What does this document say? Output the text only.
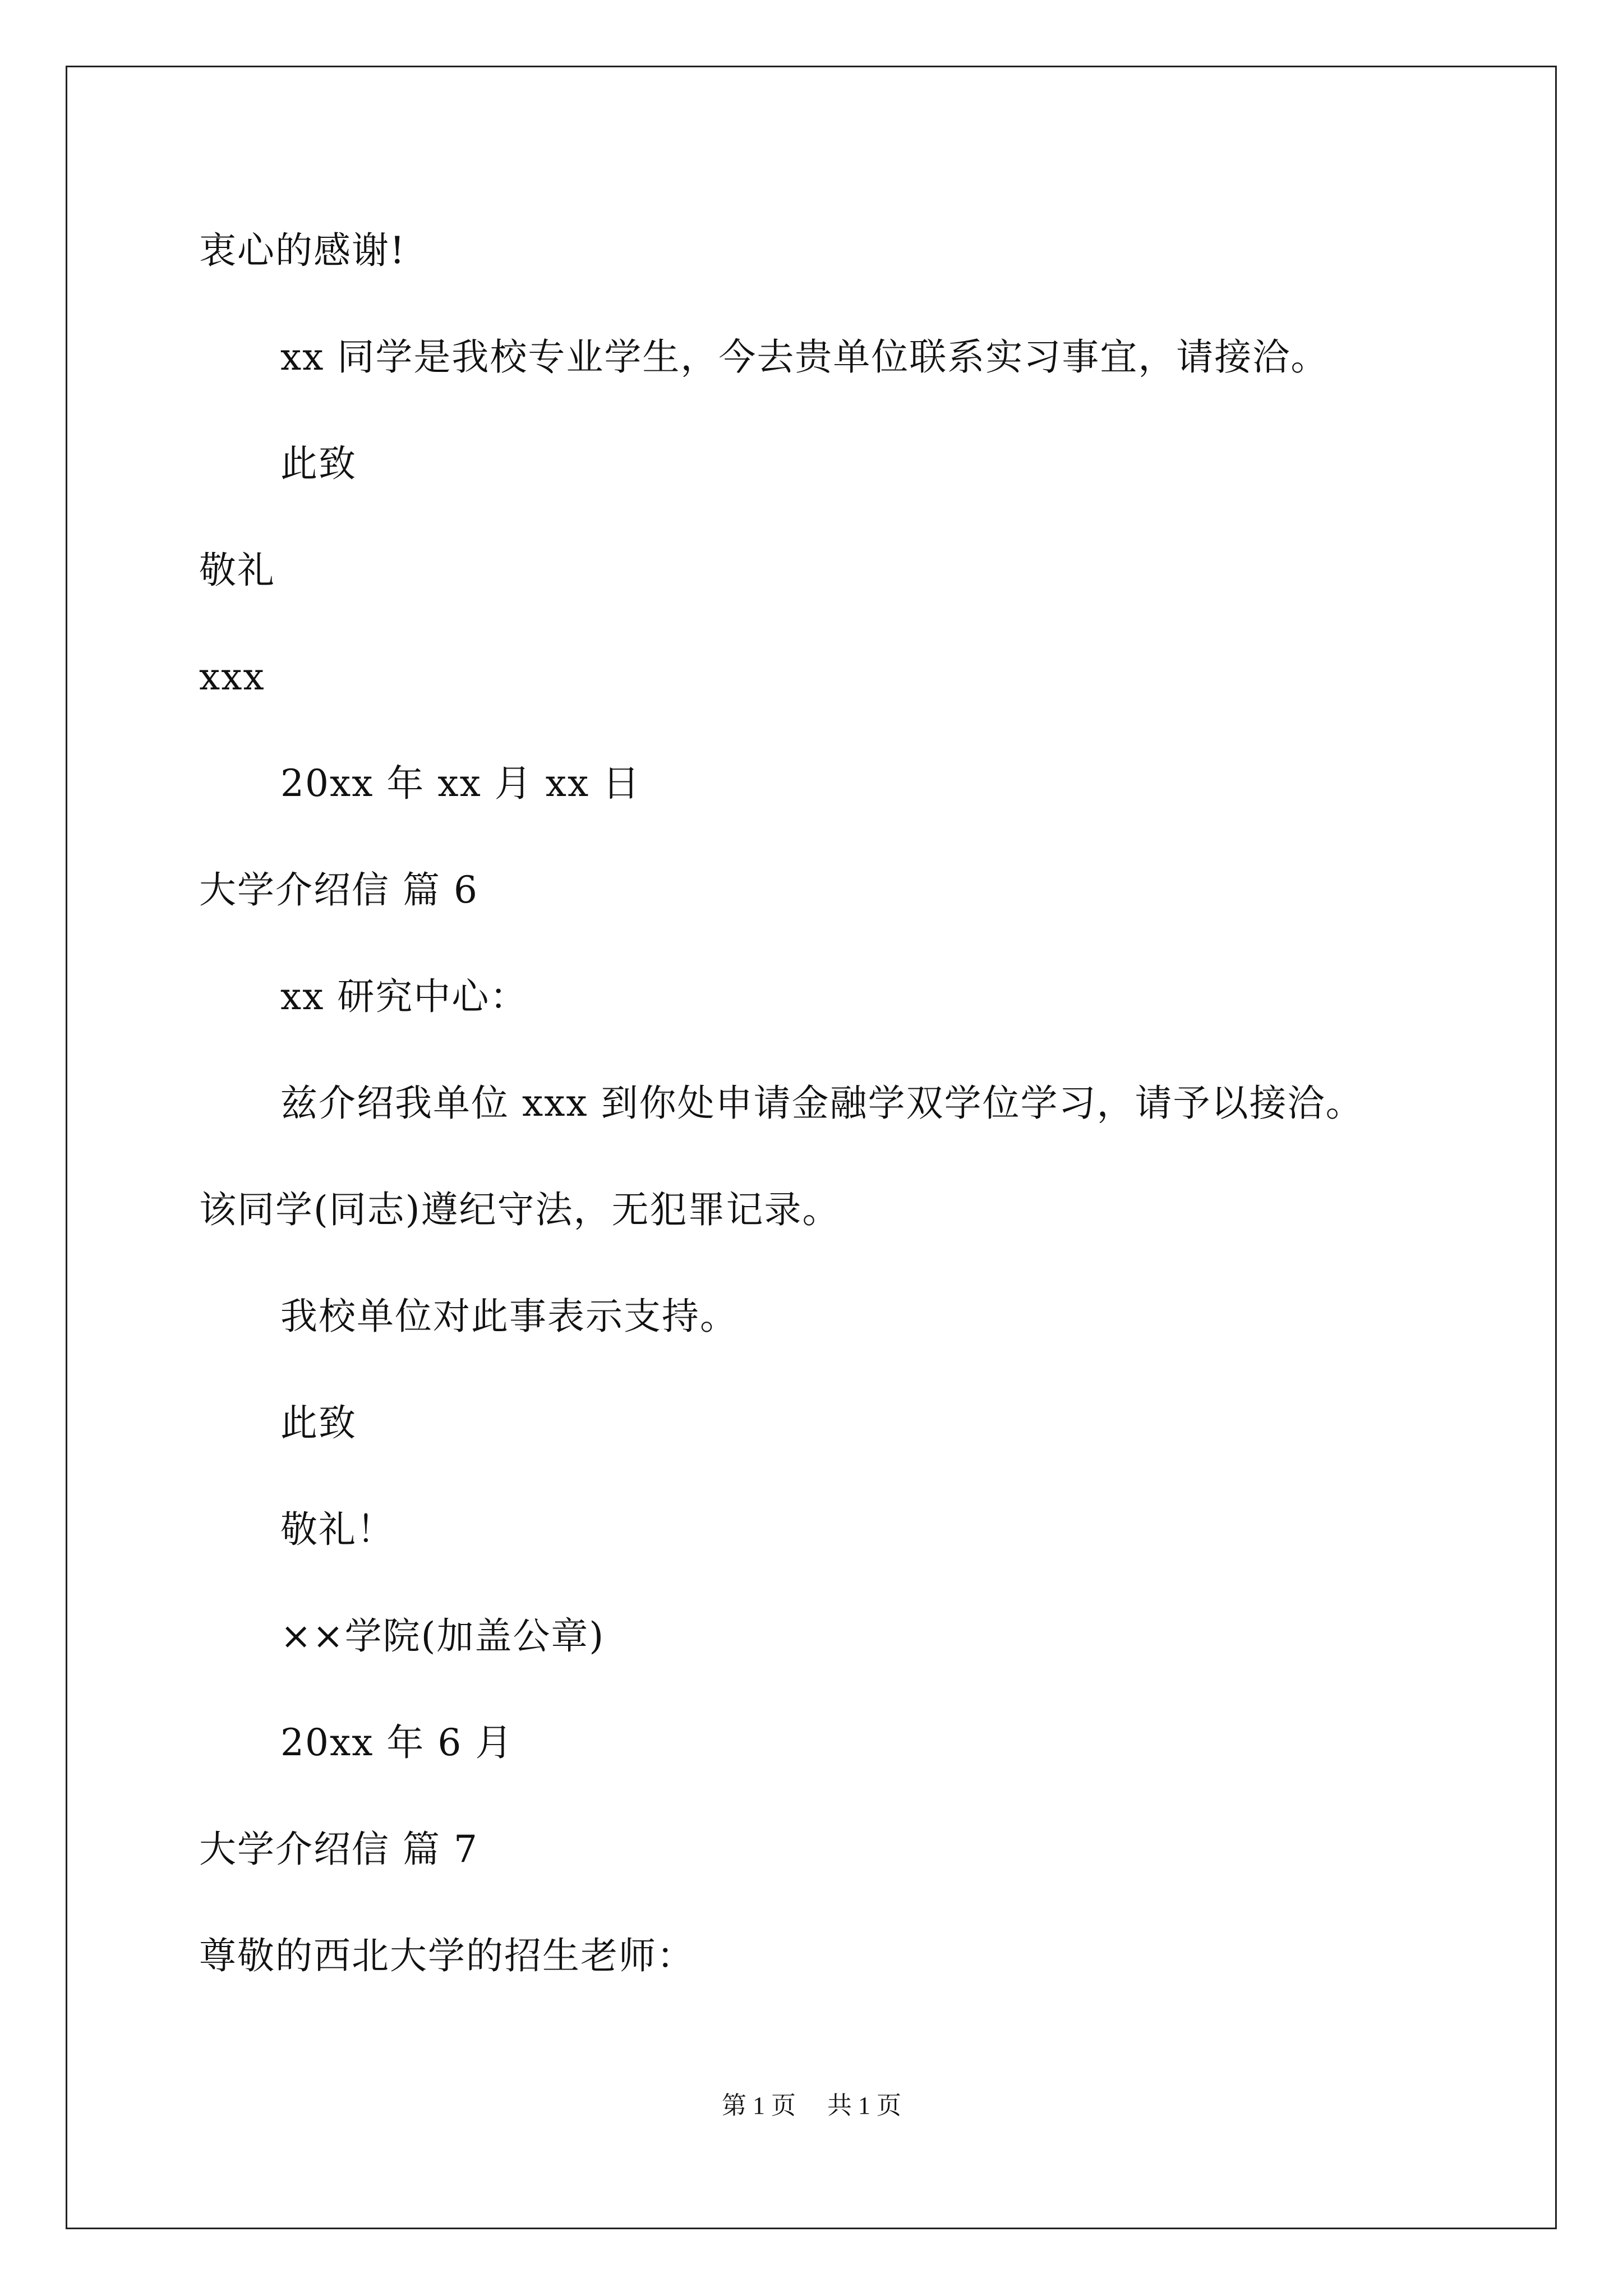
衷心的感谢!
xx 同学是我校专业学生，今去贵单位联系实习事宜，请接洽。
此致
敬礼
xxx
20xx 年 xx 月 xx 日
大学介绍信 篇 6
xx 研究中心：
兹介绍我单位 xxx 到你处申请金融学双学位学习，请予以接洽。
该同学(同志)遵纪守法，无犯罪记录。
我校单位对此事表示支持。
此致
敬礼！
××学院(加盖公章)
20xx 年 6 月
大学介绍信 篇 7
尊敬的西北大学的招生老师：
第 1 页 共 1 页
